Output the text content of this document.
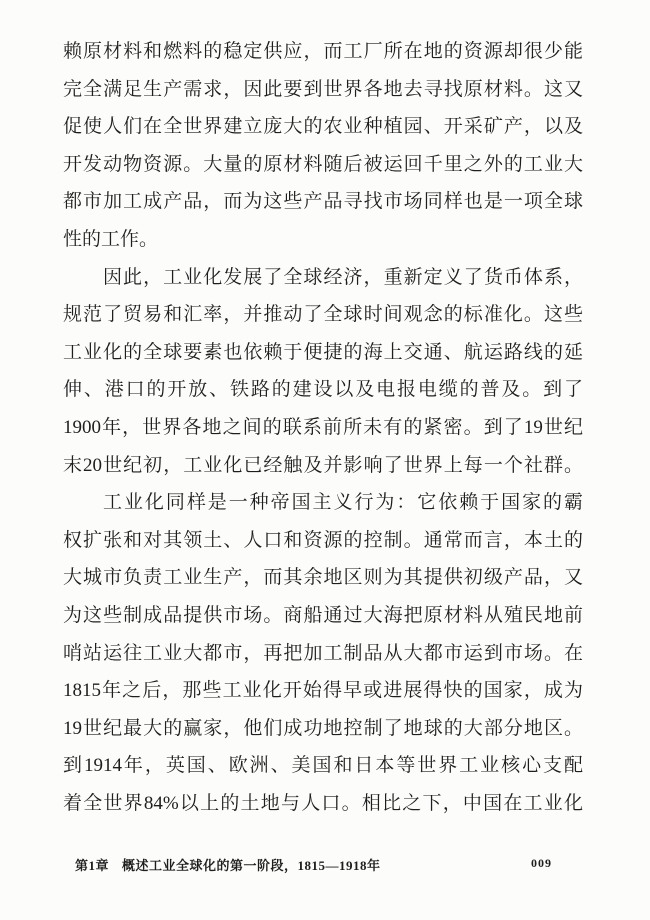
赖原材料和燃料的稳定供应，而工厂所在地的资源却很少能
完全满足生产需求，因此要到世界各地去寻找原材料。这又
促使人们在全世界建立庞大的农业种植园、开采矿产，以及
开发动物资源。大量的原材料随后被运回千里之外的工业大
都市加工成产品，而为这些产品寻找市场同样也是一项全球
性的工作。
因此，工业化发展了全球经济，重新定义了货币体系，
规范了贸易和汇率，并推动了全球时间观念的标准化。这些
工业化的全球要素也依赖于便捷的海上交通、航运路线的延
伸、港口的开放、铁路的建设以及电报电缆的普及。到了
1900年，世界各地之间的联系前所未有的紧密。到了19世纪
末20世纪初，工业化已经触及并影响了世界上每一个社群。
工业化同样是一种帝国主义行为：它依赖于国家的霸
权扩张和对其领土、人口和资源的控制。通常而言，本土的
大城市负责工业生产，而其余地区则为其提供初级产品，又
为这些制成品提供市场。商船通过大海把原材料从殖民地前
哨站运往工业大都市，再把加工制品从大都市运到市场。在
1815年之后，那些工业化开始得早或进展得快的国家，成为
19世纪最大的赢家，他们成功地控制了地球的大部分地区。
到1914年，英国、欧洲、美国和日本等世界工业核心支配
着全世界84%以上的土地与人口。相比之下，中国在工业化
第1章 概述工业全球化的第一阶段，1815—1918年	009
